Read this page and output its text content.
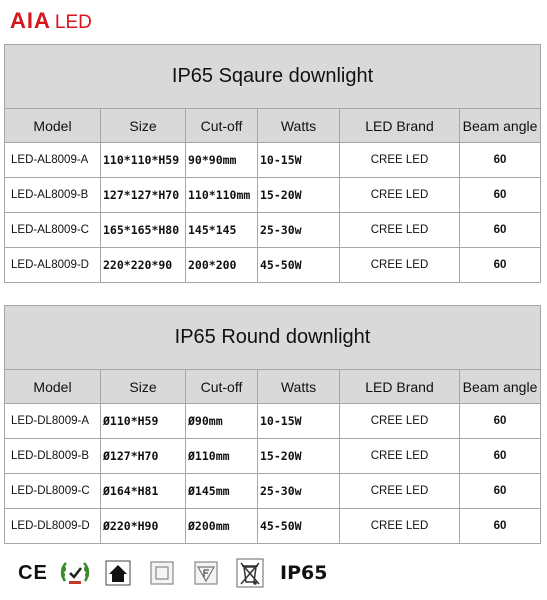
AIA LED
IP65 Sqaure downlight					
Model	Size	Cut-off	Watts	LED Brand	Beam angle
LED-AL8009-A	110*110*H59	90*90mm	10-15W	CREE LED	60
LED-AL8009-B	127*127*H70	110*110mm	15-20W	CREE LED	60
LED-AL8009-C	165*165*H80	145*145	25-30w	CREE LED	60
LED-AL8009-D	220*220*90	200*200	45-50W	CREE LED	60
IP65 Round downlight					
Model	Size	Cut-off	Watts	LED Brand	Beam angle
LED-DL8009-A	Ø110*H59	Ø90mm	10-15W	CREE LED	60
LED-DL8009-B	Ø127*H70	Ø110mm	15-20W	CREE LED	60
LED-DL8009-C	Ø164*H81	Ø145mm	25-30w	CREE LED	60
LED-DL8009-D	Ø220*H90	Ø200mm	45-50W	CREE LED	60
CE	IP65
